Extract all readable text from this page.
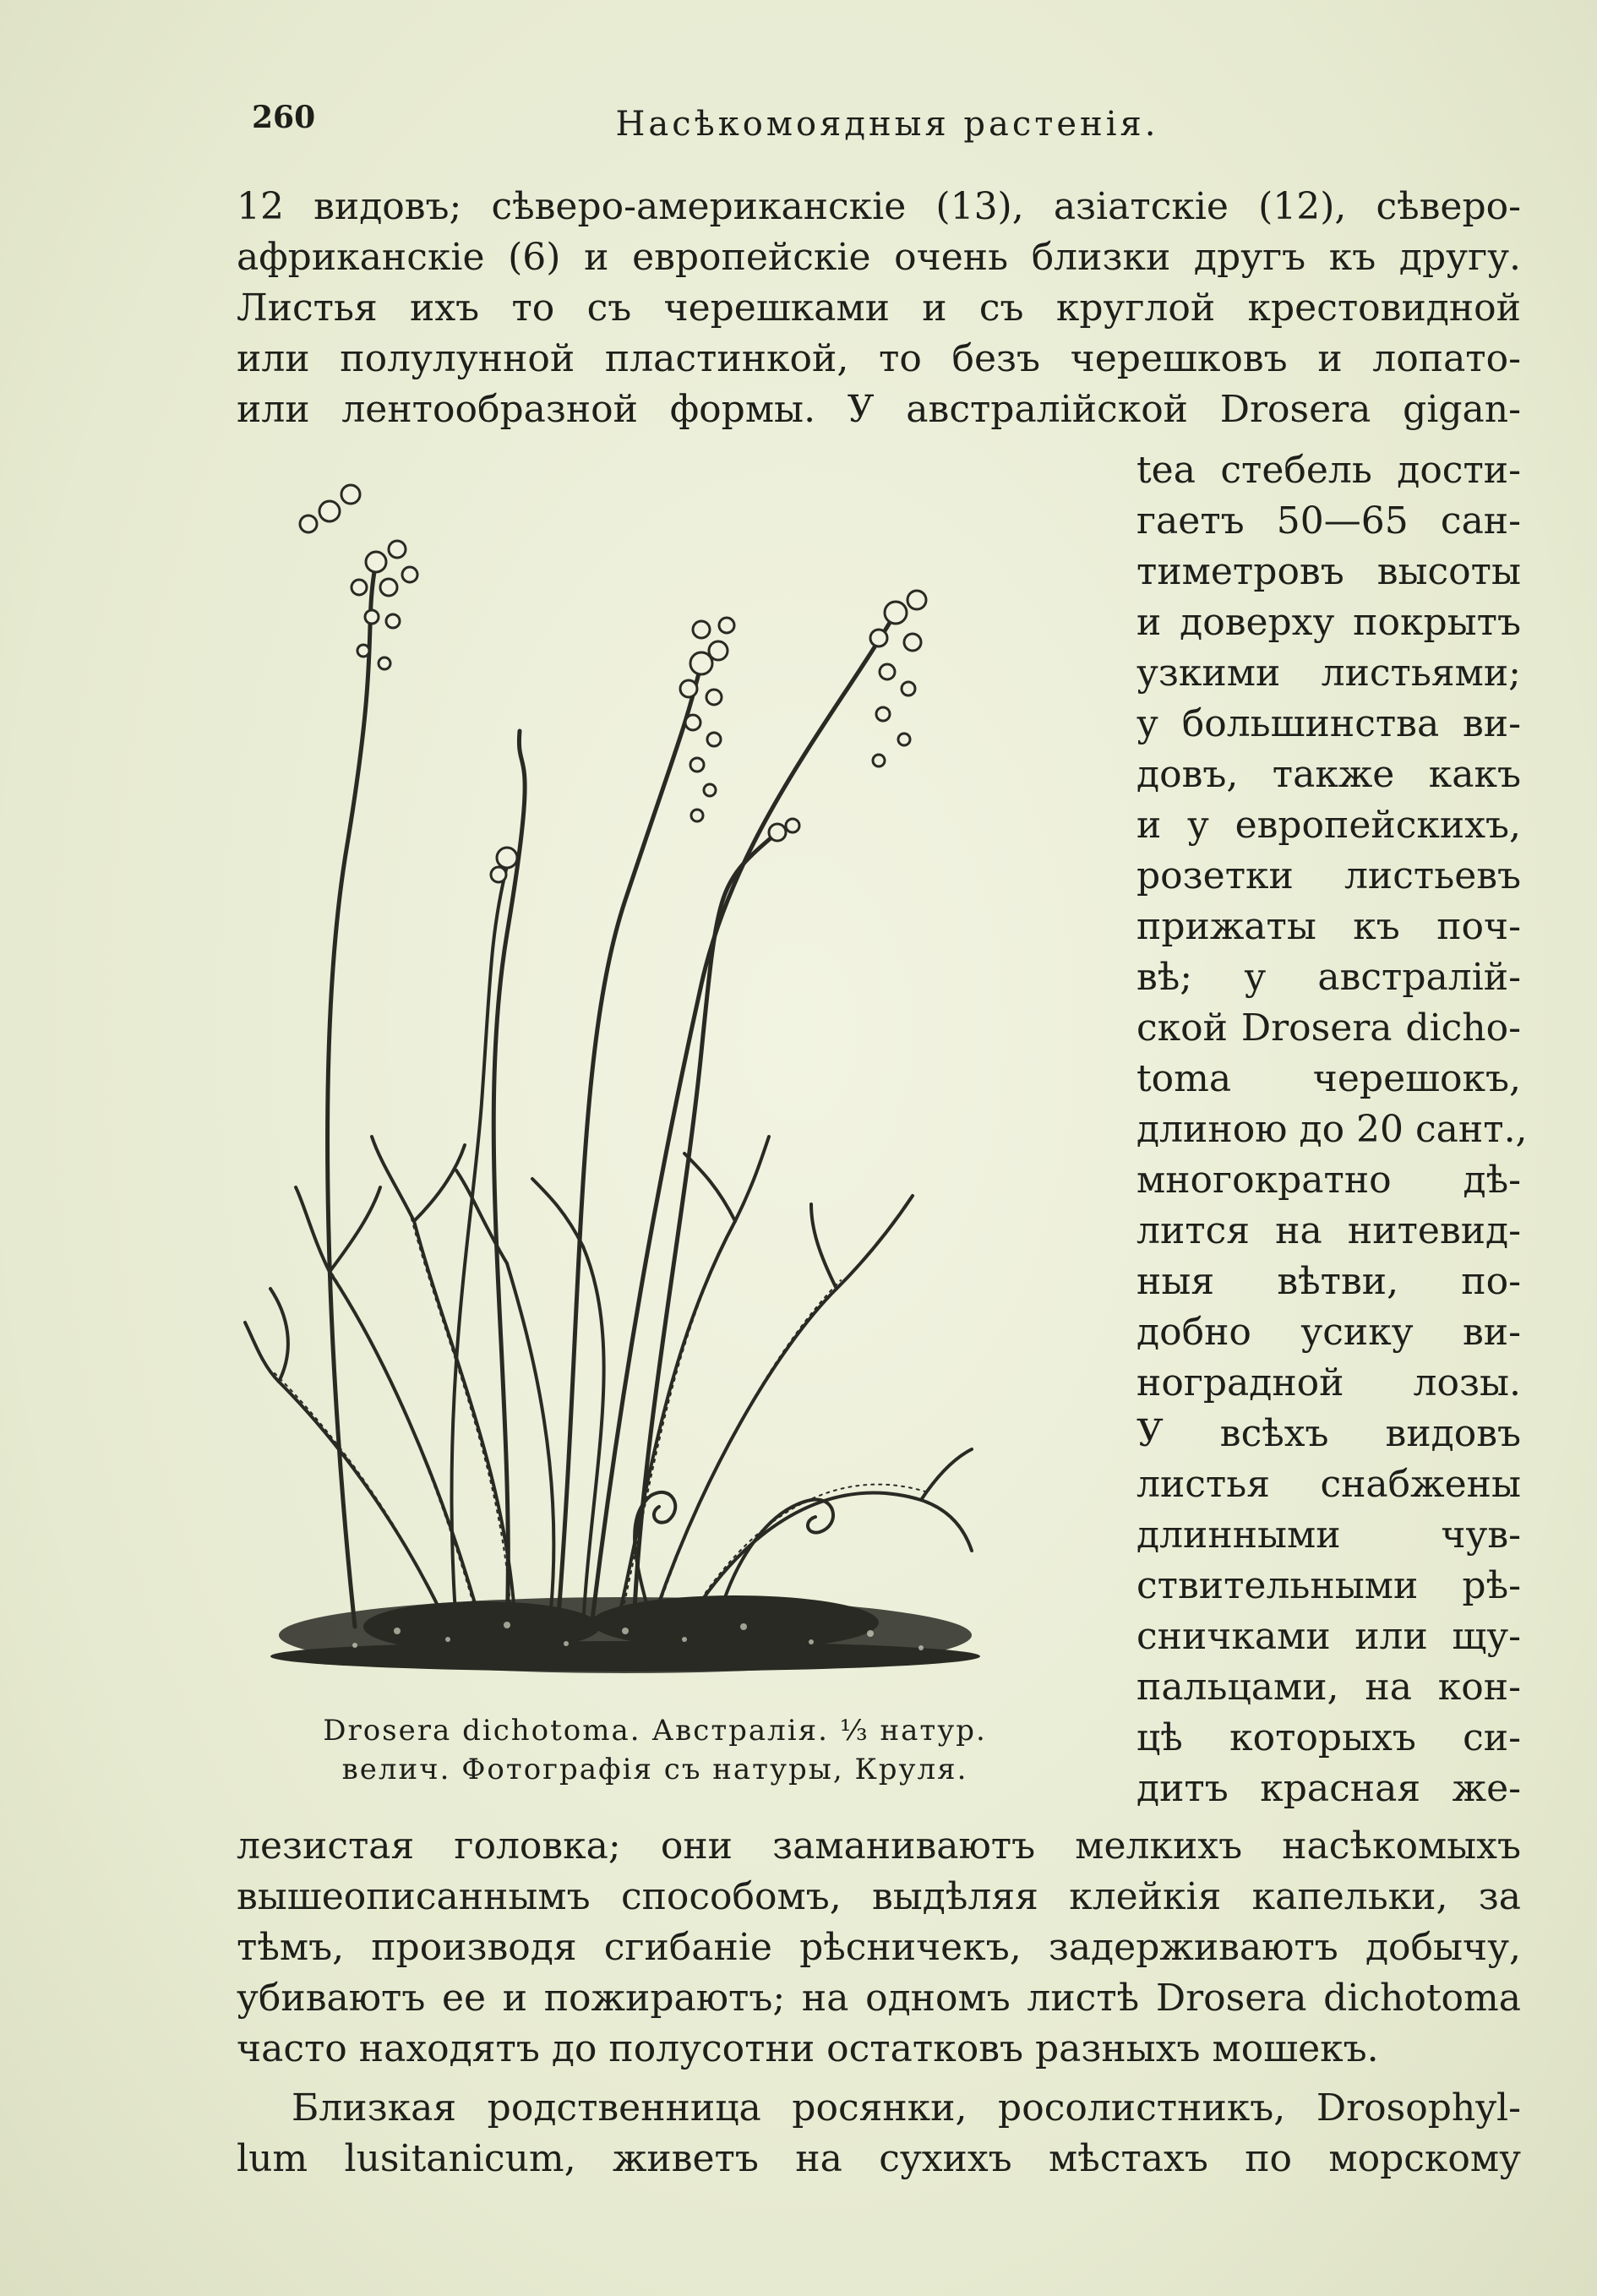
260	Насѣкомоядныя растенія.
12 видовъ; сѣверо-американскіе (13), азіатскіе (12), сѣверо-
африканскіе (6) и европейскіе очень близки другъ къ другу.
Листья ихъ то съ черешками и съ круглой крестовидной
или полулунной пластинкой, то безъ черешковъ и лопато-
или лентообразной формы. У австралійской Drosera gigan-
tea стебель дости-
гаетъ 50—65 сан-
тиметровъ высоты
и доверху покрытъ
узкими листьями;
у большинства ви-
довъ, также какъ
и у европейскихъ,
розетки листьевъ
прижаты къ поч-
вѣ; у австралій-
ской Drosera dicho-
toma черешокъ,
длиною до 20 сант.,
многократно дѣ-
лится на нитевид-
ныя вѣтви, по-
добно усику ви-
ноградной лозы.
У всѣхъ видовъ
листья снабжены
длинными чув-
ствительными рѣ-
сничками или щу-
пальцами, на кон-
цѣ которыхъ си-
дитъ красная же-
Drosera dichotoma. Австралія. ⅓ натур.
велич. Фотографія съ натуры, Круля.
лезистая головка; они заманиваютъ мелкихъ насѣкомыхъ
вышеописаннымъ способомъ, выдѣляя клейкія капельки, за
тѣмъ, производя сгибаніе рѣсничекъ, задерживаютъ добычу,
убиваютъ ее и пожираютъ; на одномъ листѣ Drosera dichotoma
часто находятъ до полусотни остатковъ разныхъ мошекъ.
Близкая родственница росянки, росолистникъ, Drosophyl-
lum lusitanicum, живетъ на сухихъ мѣстахъ по морскому
